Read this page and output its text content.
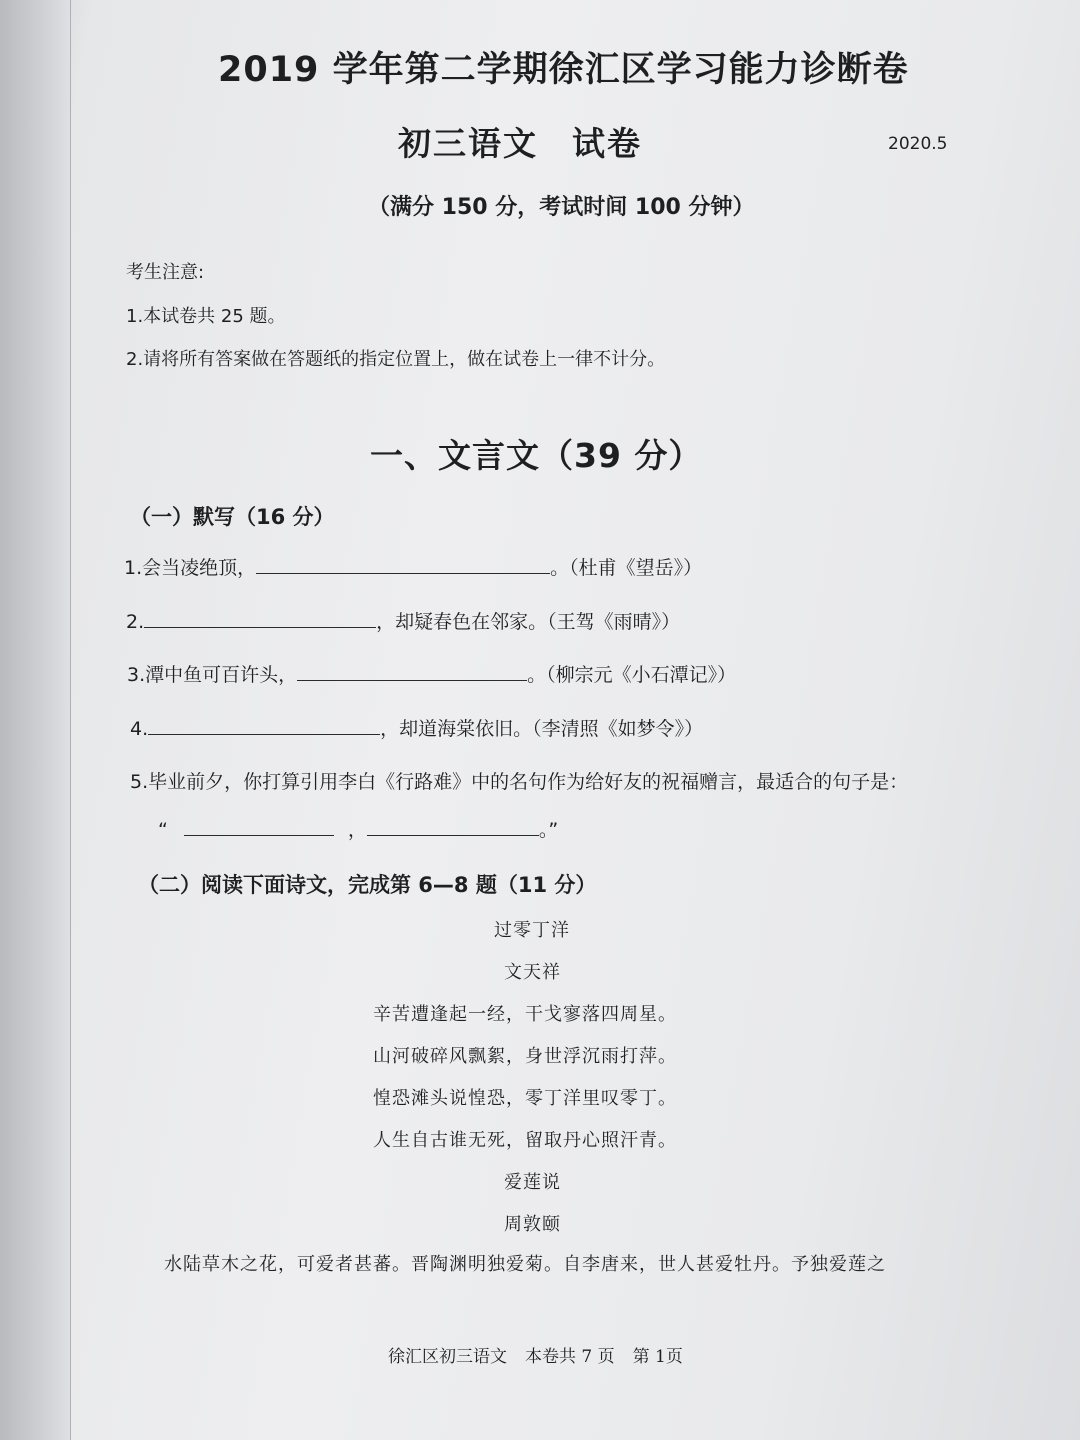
2019 学年第二学期徐汇区学习能力诊断卷
初三语文 试卷	2020.5
（满分 150 分，考试时间 100 分钟）
考生注意:
1.本试卷共 25 题。
2.请将所有答案做在答题纸的指定位置上，做在试卷上一律不计分。
一、文言文（39 分）
（一）默写（16 分）
1.会当凌绝顶，	。（杜甫《望岳》）
2.	，却疑春色在邻家。（王驾《雨晴》）
3.潭中鱼可百许头，	。（柳宗元《小石潭记》）
4.	，却道海棠依旧。（李清照《如梦令》）
5.毕业前夕，你打算引用李白《行路难》中的名句作为给好友的祝福赠言，最适合的句子是：
“	，	。”
（二）阅读下面诗文，完成第 6—8 题（11 分）
过零丁洋
文天祥
辛苦遭逢起一经，干戈寥落四周星。
山河破碎风飘絮，身世浮沉雨打萍。
惶恐滩头说惶恐，零丁洋里叹零丁。
人生自古谁无死，留取丹心照汗青。
爱莲说
周敦颐
水陆草木之花，可爱者甚蕃。晋陶渊明独爱菊。自李唐来，世人甚爱牡丹。予独爱莲之
徐汇区初三语文 本卷共 7 页 第 1页
